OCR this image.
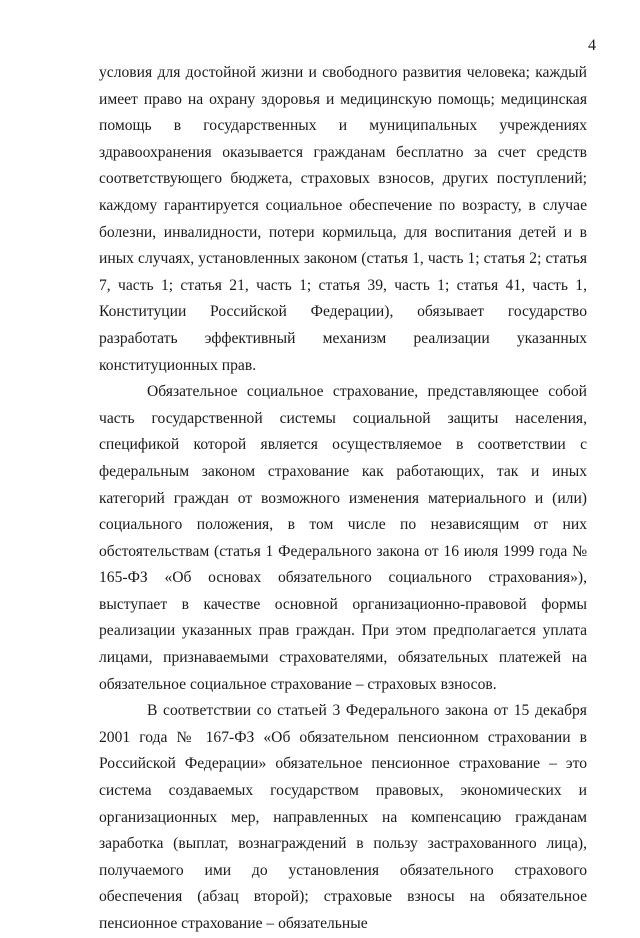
4

условия для достойной жизни и свободного развития человека; каждый имеет право на охрану здоровья и медицинскую помощь; медицинская помощь в государственных и муниципальных учреждениях здравоохранения оказывается гражданам бесплатно за счет средств соответствующего бюджета, страховых взносов, других поступлений; каждому гарантируется социальное обеспечение по возрасту, в случае болезни, инвалидности, потери кормильца, для воспитания детей и в иных случаях, установленных законом (статья 1, часть 1; статья 2; статья 7, часть 1; статья 21, часть 1; статья 39, часть 1; статья 41, часть 1, Конституции Российской Федерации), обязывает государство разработать эффективный механизм реализации указанных конституционных прав.

Обязательное социальное страхование, представляющее собой часть государственной системы социальной защиты населения, спецификой которой является осуществляемое в соответствии с федеральным законом страхование как работающих, так и иных категорий граждан от возможного изменения материального и (или) социального положения, в том числе по независящим от них обстоятельствам (статья 1 Федерального закона от 16 июля 1999 года № 165-ФЗ «Об основах обязательного социального страхования»), выступает в качестве основной организационно-правовой формы реализации указанных прав граждан. При этом предполагается уплата лицами, признаваемыми страхователями, обязательных платежей на обязательное социальное страхование – страховых взносов.

В соответствии со статьей 3 Федерального закона от 15 декабря 2001 года № 167-ФЗ «Об обязательном пенсионном страховании в Российской Федерации» обязательное пенсионное страхование – это система создаваемых государством правовых, экономических и организационных мер, направленных на компенсацию гражданам заработка (выплат, вознаграждений в пользу застрахованного лица), получаемого ими до установления обязательного страхового обеспечения (абзац второй); страховые взносы на обязательное пенсионное страхование – обязательные
